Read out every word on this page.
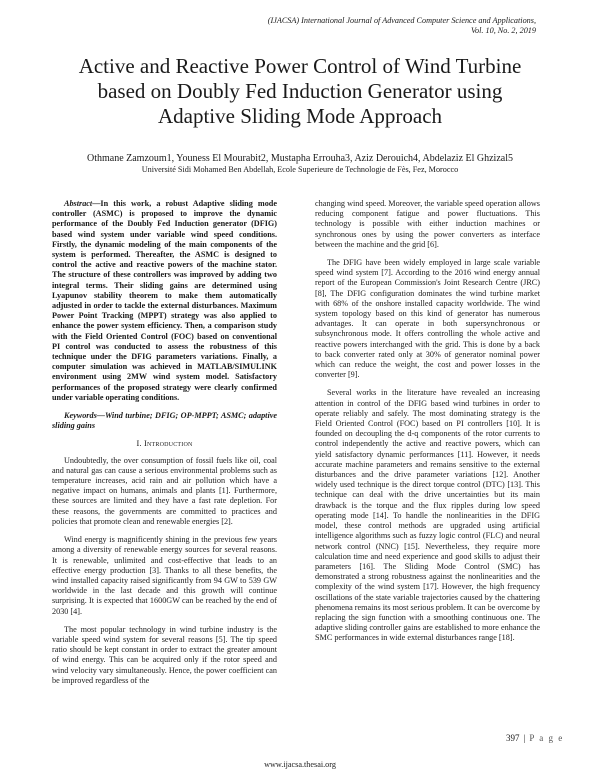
(IJACSA) International Journal of Advanced Computer Science and Applications,
Vol. 10, No. 2, 2019
Active and Reactive Power Control of Wind Turbine
based on Doubly Fed Induction Generator using
Adaptive Sliding Mode Approach
Othmane Zamzoum1, Youness El Mourabit2, Mustapha Errouha3, Aziz Derouich4, Abdelaziz El Ghzizal5
Université Sidi Mohamed Ben Abdellah, Ecole Superieure de Technologie de Fès, Fez, Morocco

Abstract—In this work, a robust Adaptive sliding mode controller (ASMC) is proposed to improve the dynamic performance of the Doubly Fed Induction generator (DFIG) based wind system under variable wind speed conditions. Firstly, the dynamic modeling of the main components of the system is performed. Thereafter, the ASMC is designed to control the active and reactive powers of the machine stator. The structure of these controllers was improved by adding two integral terms. Their sliding gains are determined using Lyapunov stability theorem to make them automatically adjusted in order to tackle the external disturbances. Maximum Power Point Tracking (MPPT) strategy was also applied to enhance the power system efficiency. Then, a comparison study with the Field Oriented Control (FOC) based on conventional PI control was conducted to assess the robustness of this technique under the DFIG parameters variations. Finally, a computer simulation was achieved in MATLAB/SIMULINK environment using 2MW wind system model. Satisfactory performances of the proposed strategy were clearly confirmed under variable operating conditions.

Keywords—Wind turbine; DFIG; OP-MPPT; ASMC; adaptive sliding gains

I. Introduction

Undoubtedly, the over consumption of fossil fuels like oil, coal and natural gas can cause a serious environmental problems such as temperature increases, acid rain and air pollution which have a negative impact on humans, animals and plants [1]. Furthermore, these sources are limited and they have a fast rate depletion. For these reasons, the governments are committed to practices and policies that promote clean and renewable energies [2].

Wind energy is magnificently shining in the previous few years among a diversity of renewable energy sources for several reasons. It is renewable, unlimited and cost-effective that leads to an effective energy production [3]. Thanks to all these benefits, the wind installed capacity raised significantly from 94 GW to 539 GW worldwide in the last decade and this growth will continue surprising. It is expected that 1600GW can be reached by the end of 2030 [4].

The most popular technology in wind turbine industry is the variable speed wind system for several reasons [5]. The tip speed ratio should be kept constant in order to extract the greater amount of wind energy. This can be acquired only if the rotor speed and wind velocity vary simultaneously. Hence, the power coefficient can be improved regardless of the

changing wind speed. Moreover, the variable speed operation allows reducing component fatigue and power fluctuations. This technology is possible with either induction machines or synchronous ones by using the power converters as interface between the machine and the grid [6].

The DFIG have been widely employed in large scale variable speed wind system [7]. According to the 2016 wind energy annual report of the European Commission's Joint Research Centre (JRC) [8], The DFIG configuration dominates the wind turbine market with 68% of the onshore installed capacity worldwide. The wind system topology based on this kind of generator has numerous advantages. It can operate in both supersynchronous or subsynchronous mode. It offers controlling the whole active and reactive powers interchanged with the grid. This is done by a back to back converter rated only at 30% of generator nominal power which can reduce the weight, the cost and power losses in the converter [9].

Several works in the literature have revealed an increasing attention in control of the DFIG based wind turbines in order to operate reliably and safely. The most dominating strategy is the Field Oriented Control (FOC) based on PI controllers [10]. It is founded on decoupling the d-q components of the rotor currents to control independently the active and reactive powers, which can yield satisfactory dynamic performances [11]. However, it needs accurate machine parameters and remains sensitive to the external disturbances and the drive parameter variations [12]. Another widely used technique is the direct torque control (DTC) [13]. This technique can deal with the drive uncertainties but its main drawback is the torque and the flux ripples during low speed operating mode [14]. To handle the nonlinearities in the DFIG model, these control methods are upgraded using artificial intelligence algorithms such as fuzzy logic control (FLC) and neural network control (NNC) [15]. Nevertheless, they require more calculation time and need experience and good skills to adjust their parameters [16]. The Sliding Mode Control (SMC) has demonstrated a strong robustness against the nonlinearities and the complexity of the wind system [17]. However, the high frequency oscillations of the state variable trajectories caused by the chattering phenomena remains its most serious problem. It can be overcome by replacing the sign function with a smoothing continuous one. The adaptive sliding controller gains are established to more enhance the SMC performances in wide external disturbances range [18].

397 | P a g e
www.ijacsa.thesai.org
